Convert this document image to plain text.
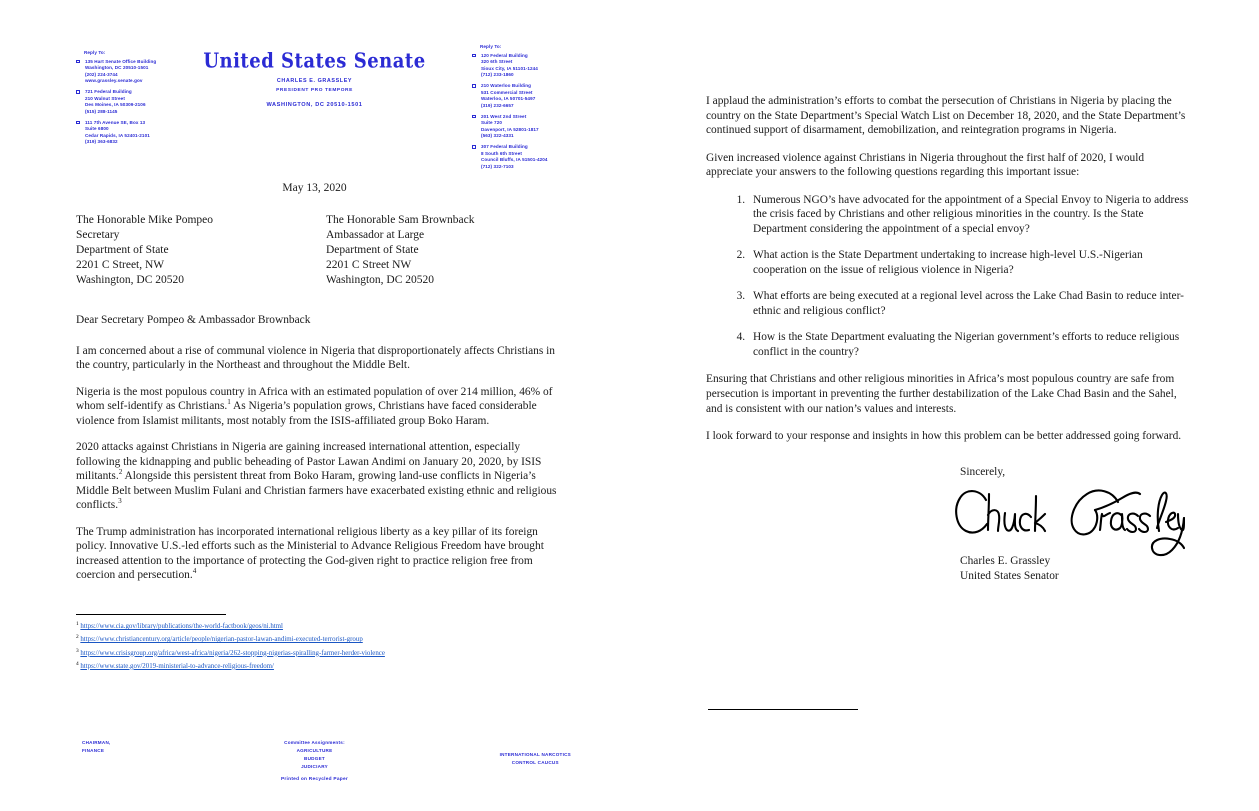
Reply To:
135 Hart Senate Office Building
Washington, DC 20510-1501
(202) 224-3744
www.grassley.senate.gov
721 Federal Building
210 Walnut Street
Des Moines, IA 50309-2106
(515) 288-1145
111 7th Avenue SE, Box 13
Suite 6800
Cedar Rapids, IA 52401-2101
(319) 363-6832
United States Senate
CHARLES E. GRASSLEY
PRESIDENT PRO TEMPORE
WASHINGTON, DC 20510-1501
Reply To:
120 Federal Building
320 6th Street
Sioux City, IA 51101-1244
(712) 233-1860
210 Waterloo Building
531 Commercial Street
Waterloo, IA 50701-5497
(319) 232-6657
201 West 2nd Street
Suite 720
Davenport, IA 52801-1817
(563) 322-4331
307 Federal Building
8 South 6th Street
Council Bluffs, IA 51501-4204
(712) 322-7103
May 13, 2020
The Honorable Mike Pompeo
Secretary
Department of State
2201 C Street, NW
Washington, DC 20520
The Honorable Sam Brownback
Ambassador at Large
Department of State
2201 C Street NW
Washington, DC 20520

Dear Secretary Pompeo & Ambassador Brownback

I am concerned about a rise of communal violence in Nigeria that disproportionately affects Christians in the country, particularly in the Northeast and throughout the Middle Belt.

Nigeria is the most populous country in Africa with an estimated population of over 214 million, 46% of whom self-identify as Christians.$^1$ As Nigeria’s population grows, Christians have faced considerable violence from Islamist militants, most notably from the ISIS-affiliated group Boko Haram.

2020 attacks against Christians in Nigeria are gaining increased international attention, especially following the kidnapping and public beheading of Pastor Lawan Andimi on January 20, 2020, by ISIS militants.$^2$ Alongside this persistent threat from Boko Haram, growing land-use conflicts in Nigeria’s Middle Belt between Muslim Fulani and Christian farmers have exacerbated existing ethnic and religious conflicts.$^3$

The Trump administration has incorporated international religious liberty as a key pillar of its foreign policy. Innovative U.S.-led efforts such as the Ministerial to Advance Religious Freedom have brought increased attention to the importance of protecting the God-given right to practice religion free from coercion and persecution.$^4$

$^1$ https://www.cia.gov/library/publications/the-world-factbook/geos/ni.html
$^2$ https://www.christiancentury.org/article/people/nigerian-pastor-lawan-andimi-executed-terrorist-group
$^3$ https://www.crisisgroup.org/africa/west-africa/nigeria/262-stopping-nigerias-spiralling-farmer-herder-violence
$^4$ https://www.state.gov/2019-ministerial-to-advance-religious-freedom/
CHAIRMAN,
FINANCE
Committee Assignments:
AGRICULTURE
BUDGET
JUDICIARY
Printed on Recycled Paper
INTERNATIONAL NARCOTICS
CONTROL CAUCUS

I applaud the administration’s efforts to combat the persecution of Christians in Nigeria by placing the country on the State Department’s Special Watch List on December 18, 2020, and the State Department’s continued support of disarmament, demobilization, and reintegration programs in Nigeria.

Given increased violence against Christians in Nigeria throughout the first half of 2020, I would appreciate your answers to the following questions regarding this important issue:

1. Numerous NGO’s have advocated for the appointment of a Special Envoy to Nigeria to address the crisis faced by Christians and other religious minorities in the country. Is the State Department considering the appointment of a special envoy?
2. What action is the State Department undertaking to increase high-level U.S.-Nigerian cooperation on the issue of religious violence in Nigeria?
3. What efforts are being executed at a regional level across the Lake Chad Basin to reduce inter-ethnic and religious conflict?
4. How is the State Department evaluating the Nigerian government’s efforts to reduce religious conflict in the country?

Ensuring that Christians and other religious minorities in Africa’s most populous country are safe from persecution is important in preventing the further destabilization of the Lake Chad Basin and the Sahel, and is consistent with our nation’s values and interests.

I look forward to your response and insights in how this problem can be better addressed going forward.

Sincerely,
Charles E. Grassley
United States Senator
